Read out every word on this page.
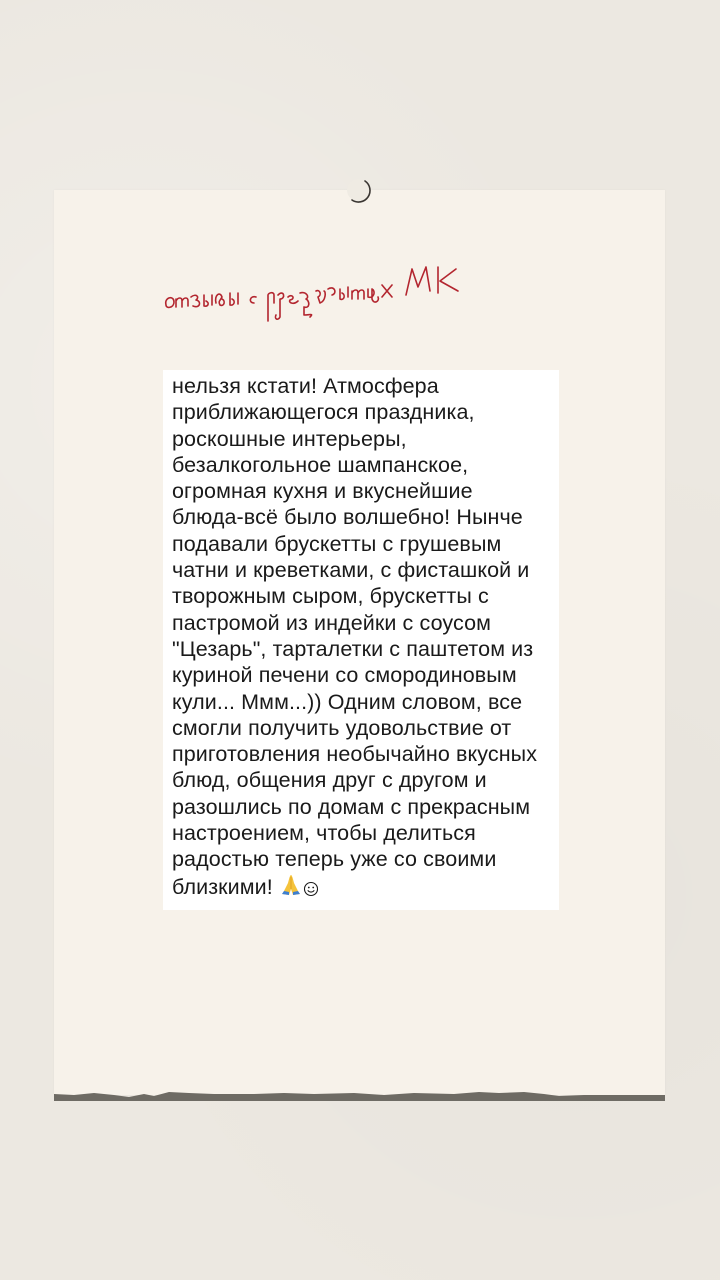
нельзя кстати! Атмосфера
приближающегося праздника,
роскошные интерьеры,
безалкогольное шампанское,
огромная кухня и вкуснейшие
блюда-всё было волшебно! Нынче
подавали брускетты с грушевым
чатни и креветками, с фисташкой и
творожным сыром, брускетты с
пастромой из индейки с соусом
"Цезарь", тарталетки с паштетом из
куриной печени со смородиновым
кули... Ммм...)) Одним словом, все
смогли получить удовольствие от
приготовления необычайно вкусных
блюд, общения друг с другом и
разошлись по домам с прекрасным
настроением, чтобы делиться
радостью теперь уже со своими
близкими!
